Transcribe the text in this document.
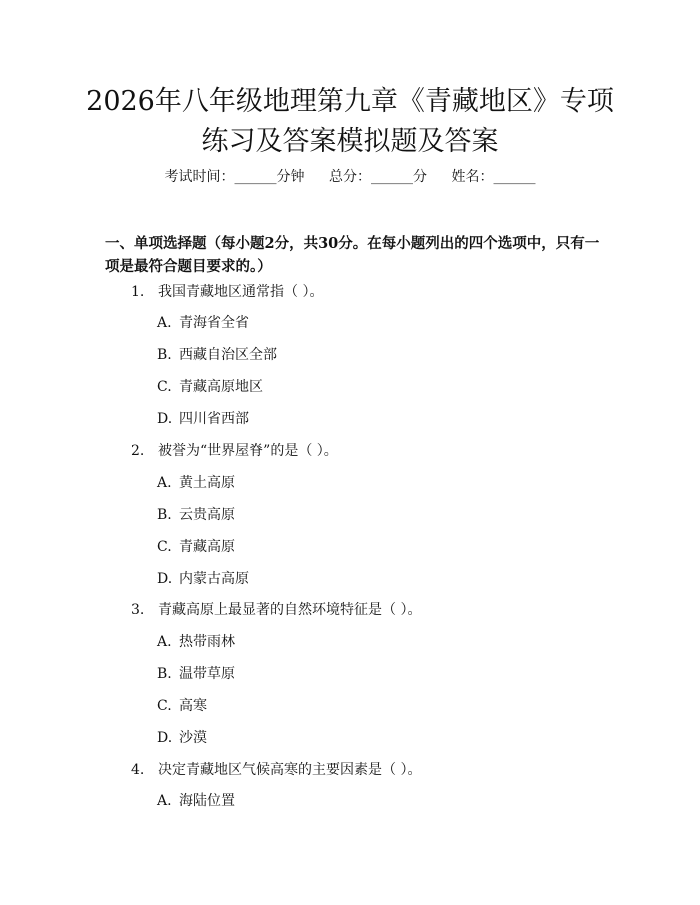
2026年八年级地理第九章《青藏地区》专项
练习及答案模拟题及答案
考试时间：______分钟 总分：______分 姓名：______

一、单项选择题（每小题2分，共30分。在每小题列出的四个选项中，只有一项是最符合题目要求的。）

1. 我国青藏地区通常指（ ）。
A. 青海省全省
B. 西藏自治区全部
C. 青藏高原地区
D. 四川省西部
2. 被誉为“世界屋脊”的是（ ）。
A. 黄土高原
B. 云贵高原
C. 青藏高原
D. 内蒙古高原
3. 青藏高原上最显著的自然环境特征是（ ）。
A. 热带雨林
B. 温带草原
C. 高寒
D. 沙漠
4. 决定青藏地区气候高寒的主要因素是（ ）。
A. 海陆位置
